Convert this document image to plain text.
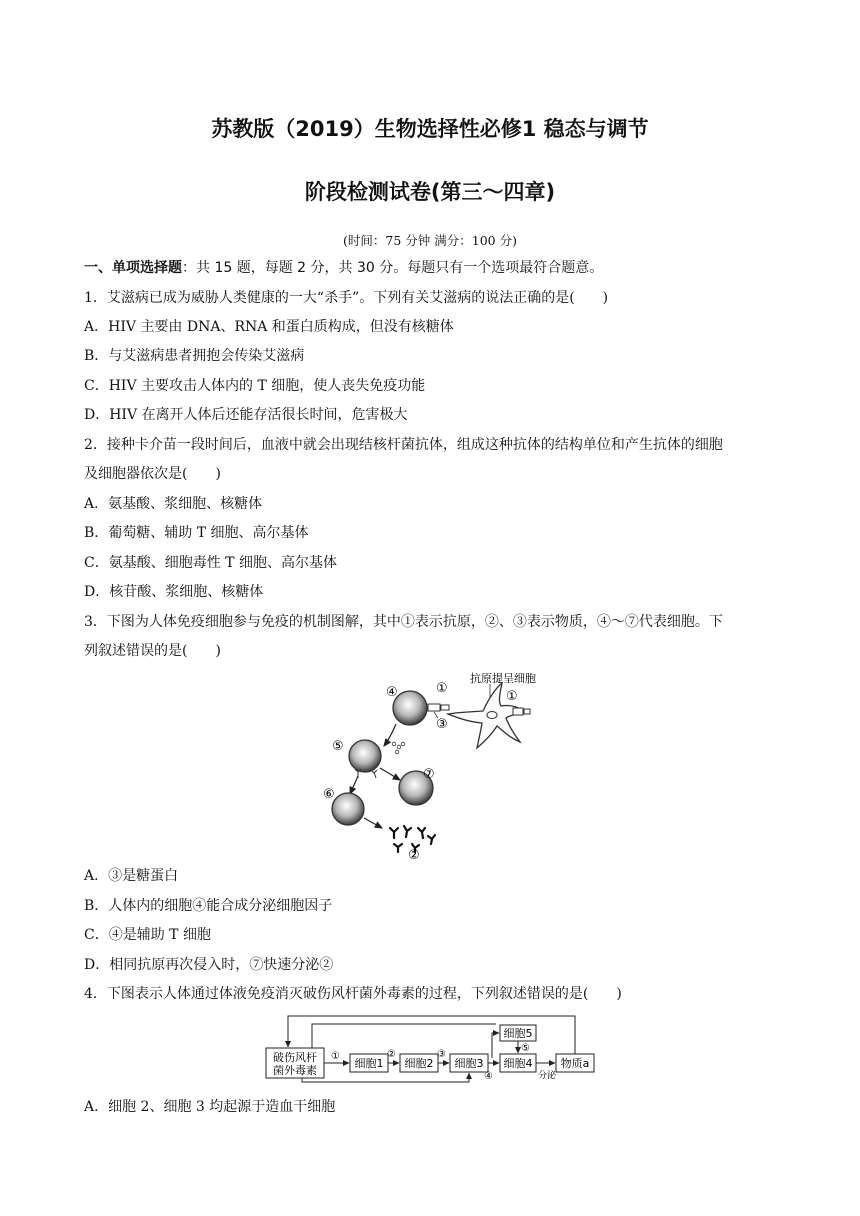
苏教版（2019）生物选择性必修1 稳态与调节
阶段检测试卷(第三～四章)
(时间：75 分钟 满分：100 分)
一、单项选择题：共 15 题，每题 2 分，共 30 分。每题只有一个选项最符合题意。
1．艾滋病已成为威胁人类健康的一大“杀手”。下列有关艾滋病的说法正确的是(　　)
A．HIV 主要由 DNA、RNA 和蛋白质构成，但没有核糖体
B．与艾滋病患者拥抱会传染艾滋病
C．HIV 主要攻击人体内的 T 细胞，使人丧失免疫功能
D．HIV 在离开人体后还能存活很长时间，危害极大
2．接种卡介苗一段时间后，血液中就会出现结核杆菌抗体，组成这种抗体的结构单位和产生抗体的细胞
及细胞器依次是(　　)
A．氨基酸、浆细胞、核糖体
B．葡萄糖、辅助 T 细胞、高尔基体
C．氨基酸、细胞毒性 T 细胞、高尔基体
D．核苷酸、浆细胞、核糖体
3．下图为人体免疫细胞参与免疫的机制图解，其中①表示抗原，②、③表示物质，④～⑦代表细胞。下
列叙述错误的是(　　)
抗原提呈细胞
①
④	①
③
⑤
⑦
⑥
②
A．③是糖蛋白
B．人体内的细胞④能合成分泌细胞因子
C．④是辅助 T 细胞
D．相同抗原再次侵入时，⑦快速分泌②
4．下图表示人体通过体液免疫消灭破伤风杆菌外毒素的过程，下列叙述错误的是(　　)
破伤风杆
菌外毒素
细胞1 细胞2 细胞3 细胞4
细胞5
物质a
①	②	③
④
⑤
分泌
A．细胞 2、细胞 3 均起源于造血干细胞
